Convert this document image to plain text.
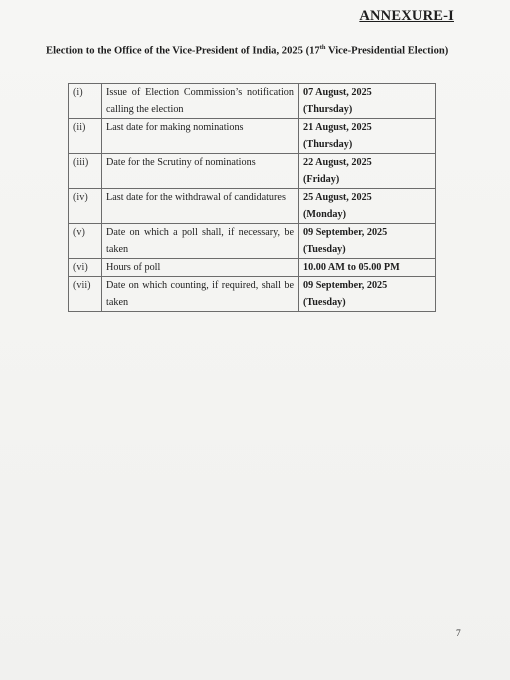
ANNEXURE-I
Election to the Office of the Vice-President of India, 2025 (17th Vice-Presidential Election)
(i)	Issue of Election Commission’s notification calling the election	07 August, 2025
(Thursday)

(ii)	Last date for making nominations	21 August, 2025
(Thursday)

(iii)	Date for the Scrutiny of nominations	22 August, 2025
(Friday)

(iv)	Last date for the withdrawal of candidatures	25 August, 2025
(Monday)

(v)	Date on which a poll shall, if necessary, be taken	09 September, 2025
(Tuesday)

(vi)	Hours of poll	10.00 AM to 05.00 PM

(vii)	Date on which counting, if required, shall be taken	09 September, 2025
(Tuesday)
7
